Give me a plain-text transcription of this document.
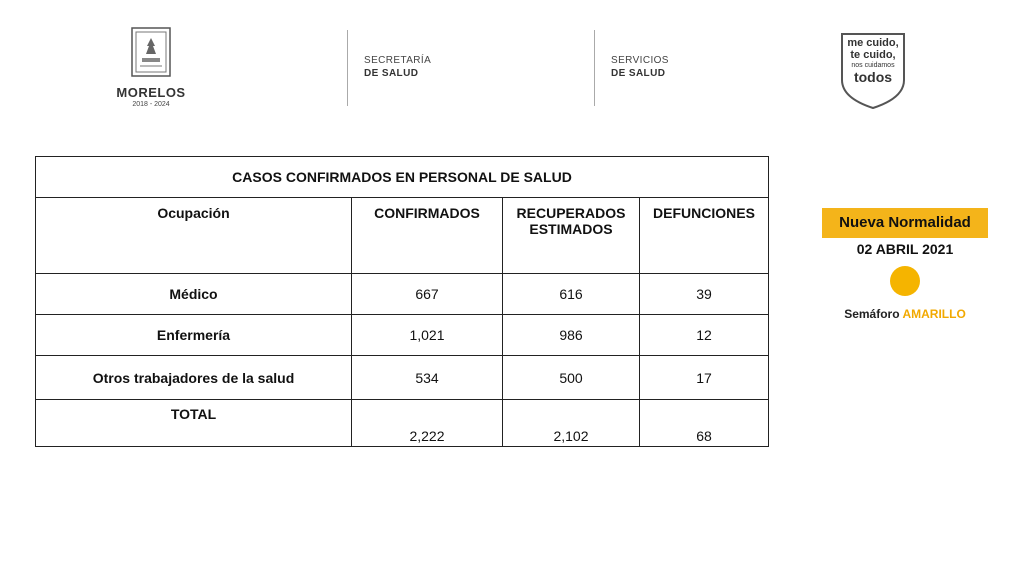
MORELOS
2018 - 2024
SECRETARÍA
DE SALUD
SERVICIOS
DE SALUD
me cuido,
te cuido,
nos cuidamos
todos
CASOS CONFIRMADOS EN PERSONAL DE SALUD			
Ocupación	CONFIRMADOS	RECUPERADOS ESTIMADOS	DEFUNCIONES
Médico	667	616	39
Enfermería	1,021	986	12
Otros trabajadores de la salud	534	500	17
TOTAL	2,222	2,102	68
Nueva Normalidad
02 ABRIL 2021
Semáforo AMARILLO
